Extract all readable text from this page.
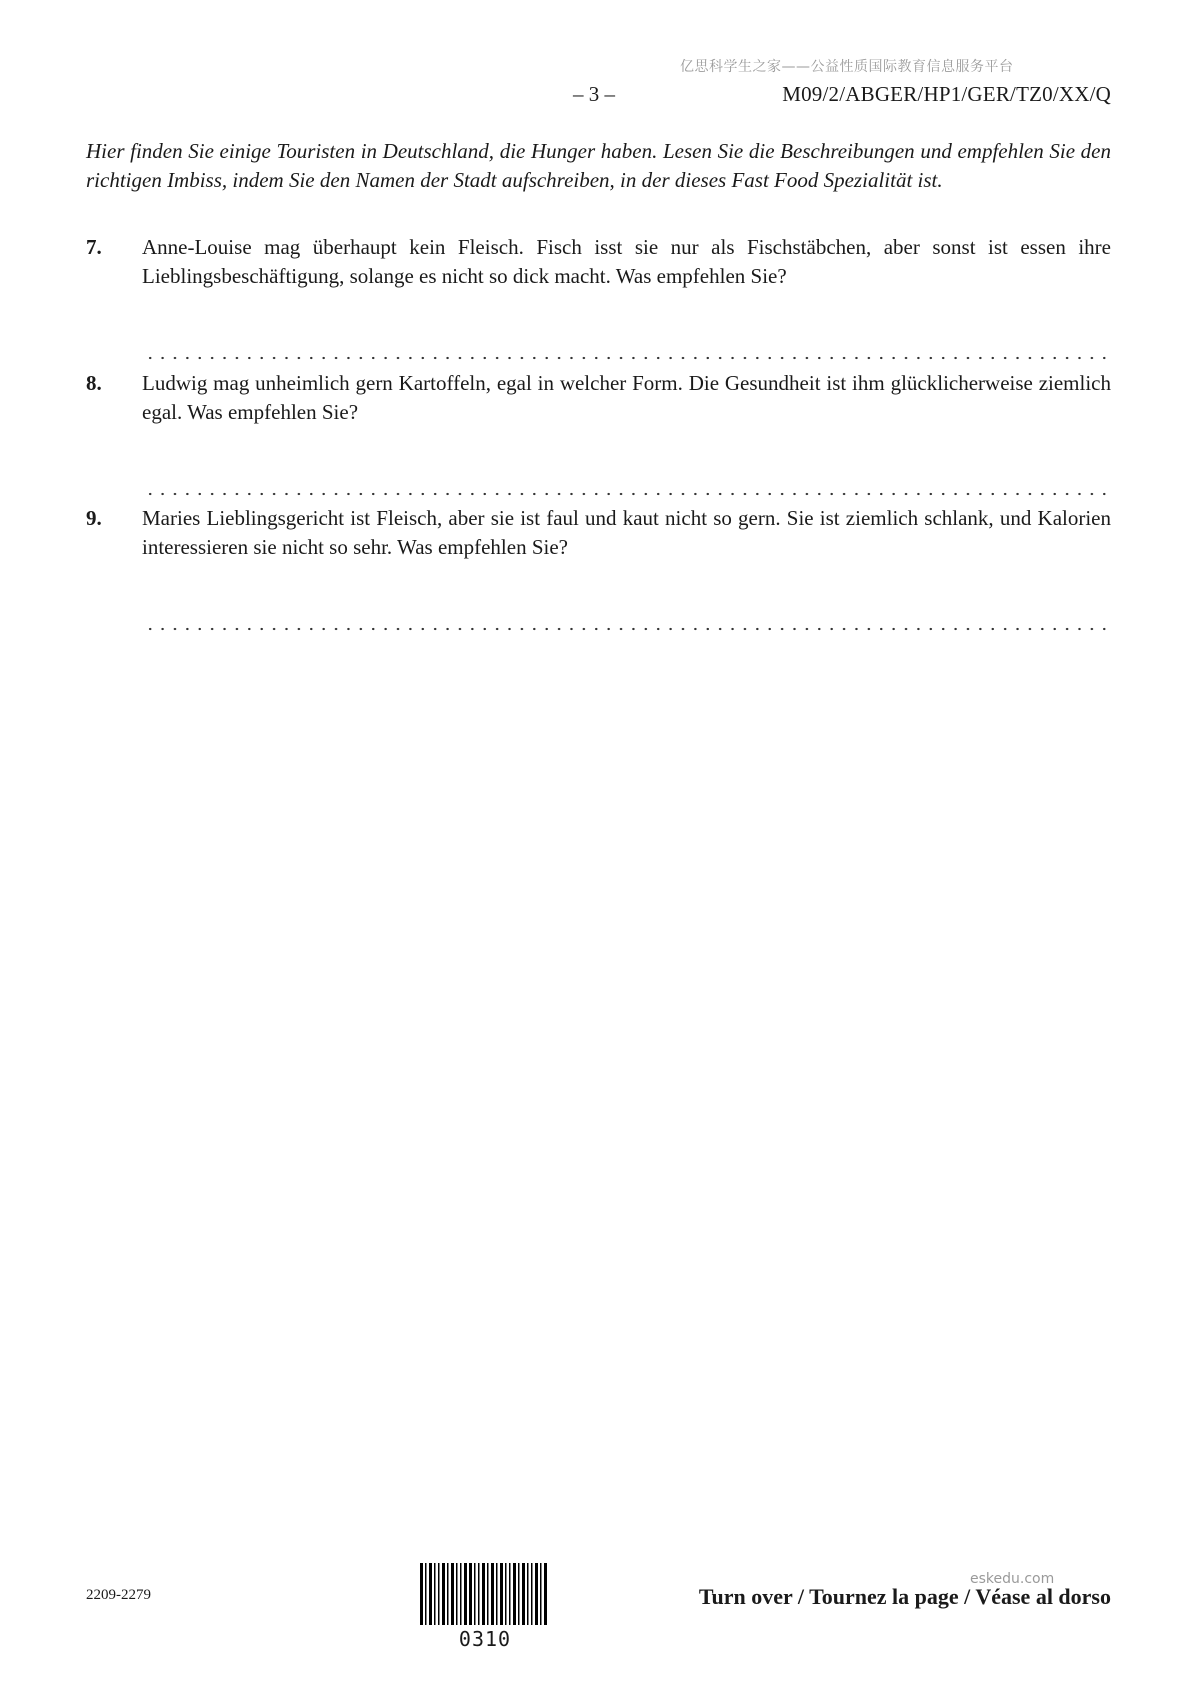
亿思科学生之家——公益性质国际教育信息服务平台
– 3 –	M09/2/ABGER/HP1/GER/TZ0/XX/Q
Hier finden Sie einige Touristen in Deutschland, die Hunger haben. Lesen Sie die Beschreibungen und empfehlen Sie den richtigen Imbiss, indem Sie den Namen der Stadt aufschreiben, in der dieses Fast Food Spezialität ist.
7. Anne-Louise mag überhaupt kein Fleisch. Fisch isst sie nur als Fischstäbchen, aber sonst ist essen ihre Lieblingsbeschäftigung, solange es nicht so dick macht. Was empfehlen Sie?
8. Ludwig mag unheimlich gern Kartoffeln, egal in welcher Form. Die Gesundheit ist ihm glücklicherweise ziemlich egal. Was empfehlen Sie?
9. Maries Lieblingsgericht ist Fleisch, aber sie ist faul und kaut nicht so gern. Sie ist ziemlich schlank, und Kalorien interessieren sie nicht so sehr. Was empfehlen Sie?
2209-2279
0310
eskedu.com
Turn over / Tournez la page / Véase al dorso
